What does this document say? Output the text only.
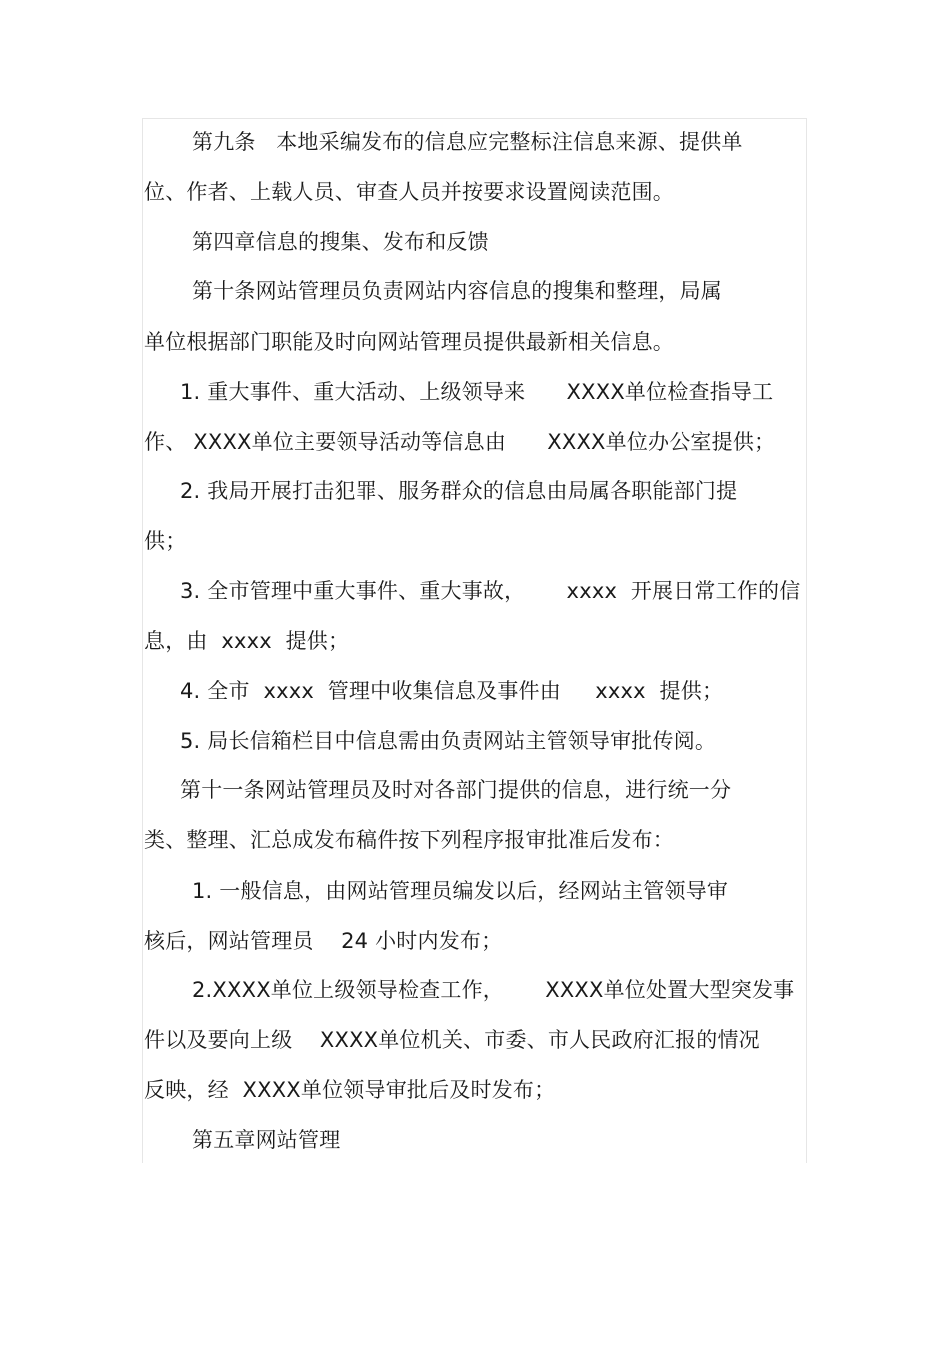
第九条   本地采编发布的信息应完整标注信息来源、提供单
位、作者、上载人员、审查人员并按要求设置阅读范围。
第四章信息的搜集、发布和反馈
第十条网站管理员负责网站内容信息的搜集和整理，局属
单位根据部门职能及时向网站管理员提供最新相关信息。
1. 重大事件、重大活动、上级领导来      XXXX单位检查指导工
作、 XXXX单位主要领导活动等信息由      XXXX单位办公室提供；
2. 我局开展打击犯罪、服务群众的信息由局属各职能部门提
供；
3. 全市管理中重大事件、重大事故，      xxxx  开展日常工作的信
息，由  xxxx  提供；
4. 全市  xxxx  管理中收集信息及事件由     xxxx  提供；
5. 局长信箱栏目中信息需由负责网站主管领导审批传阅。
第十一条网站管理员及时对各部门提供的信息，进行统一分
类、整理、汇总成发布稿件按下列程序报审批准后发布：
1. 一般信息，由网站管理员编发以后，经网站主管领导审
核后，网站管理员    24 小时内发布；
2.XXXX单位上级领导检查工作，      XXXX单位处置大型突发事
件以及要向上级    XXXX单位机关、市委、市人民政府汇报的情况
反映，经  XXXX单位领导审批后及时发布；
第五章网站管理
